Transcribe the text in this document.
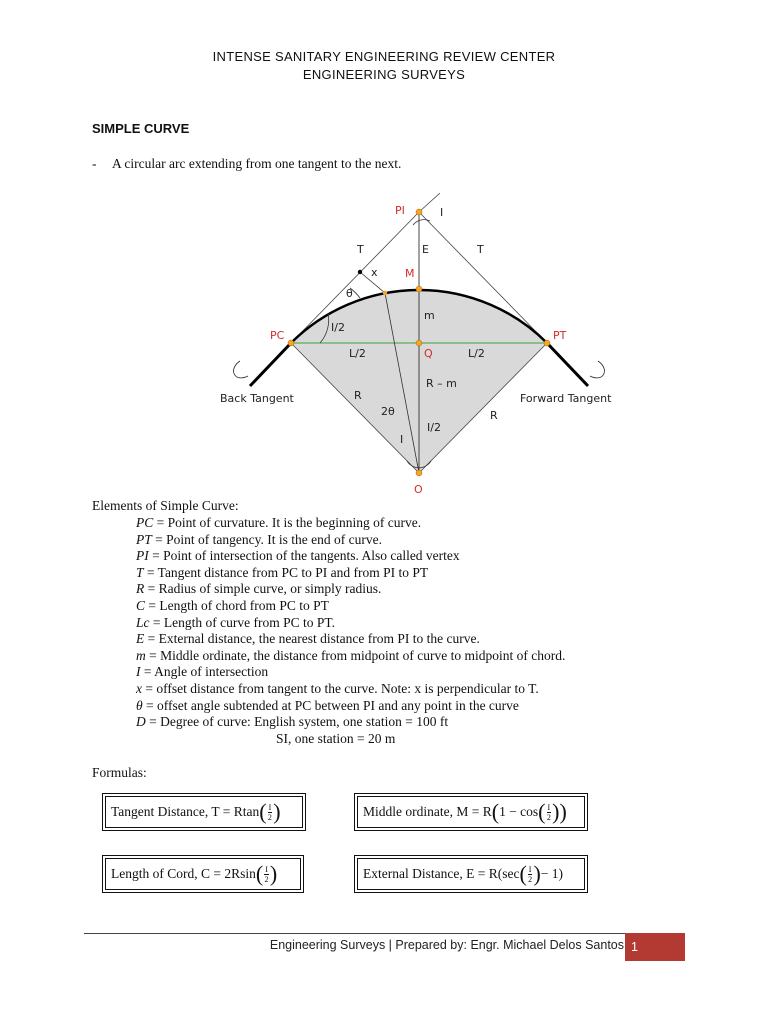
INTENSE SANITARY ENGINEERING REVIEW CENTER
ENGINEERING SURVEYS
SIMPLE CURVE
- A circular arc extending from one tangent to the next.
PI	I
T	E	T
x M
θ
m
PC	PT
I/2
L/2	Q	L/2
Back Tangent	Forward Tangent
R
R – m
R
2θ
I/2
I
O
Elements of Simple Curve:
PC = Point of curvature. It is the beginning of curve.
PT = Point of tangency. It is the end of curve.
PI = Point of intersection of the tangents. Also called vertex
T = Tangent distance from PC to PI and from PI to PT
R = Radius of simple curve, or simply radius.
C = Length of chord from PC to PT
Lc = Length of curve from PC to PT.
E = External distance, the nearest distance from PI to the curve.
m = Middle ordinate, the distance from midpoint of curve to midpoint of chord.
I = Angle of intersection
x = offset distance from tangent to the curve. Note: x is perpendicular to T.
θ = offset angle subtended at PC between PI and any point in the curve
D = Degree of curve: English system, one station = 100 ft
SI, one station = 20 m
Formulas:
Tangent Distance, T = Rtan ( $\frac{I}{2}$ )	Middle ordinate, M = R ( 1 − cos ( $\frac{I}{2}$ ))
Length of Cord, C = 2Rsin ( $\frac{I}{2}$ )	External Distance, E = R(sec ( $\frac{I}{2}$ ) − 1)
Engineering Surveys | Prepared by: Engr. Michael Delos Santos 1
